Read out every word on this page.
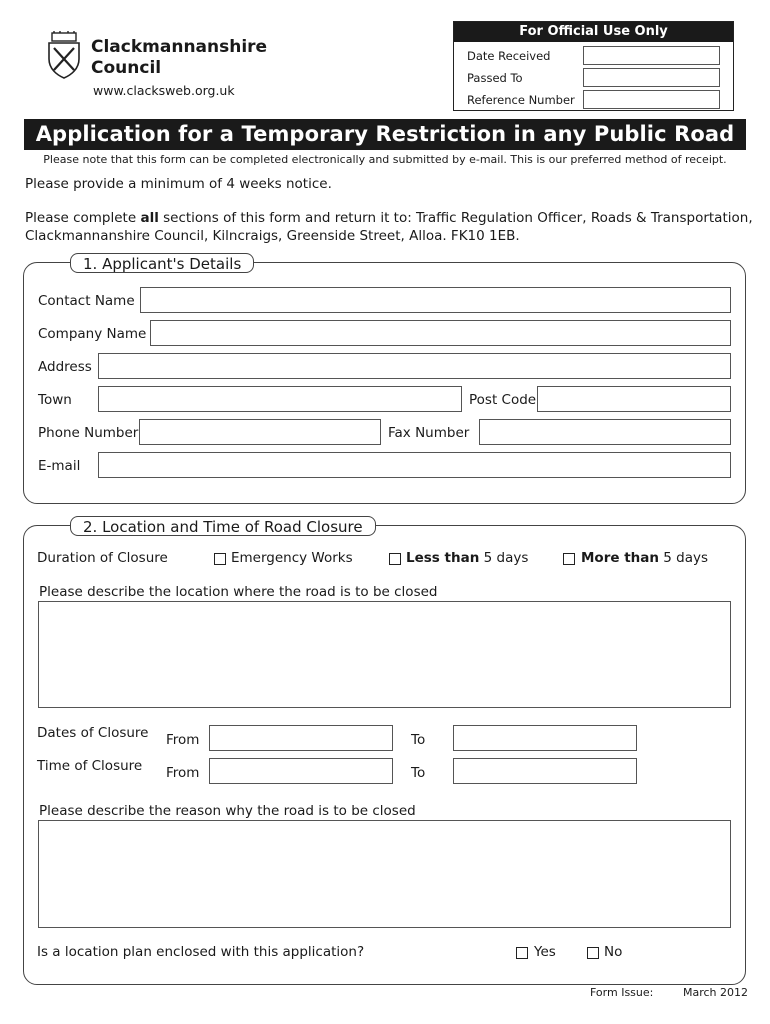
Clackmannanshire
Council
www.clacksweb.org.uk
For Official Use Only
Date Received
Passed To
Reference Number
Application for a Temporary Restriction in any Public Road
Please note that this form can be completed electronically and submitted by e-mail. This is our preferred method of receipt.
Please provide a minimum of 4 weeks notice.
Please complete all sections of this form and return it to: Traffic Regulation Officer, Roads & Transportation,
Clackmannanshire Council, Kilncraigs, Greenside Street, Alloa. FK10 1EB.
1. Applicant's Details
Contact Name
Company Name
Address
Town	Post Code
Phone Number	Fax Number
E-mail
2. Location and Time of Road Closure
Duration of Closure	Emergency Works	Less than 5 days	More than 5 days
Please describe the location where the road is to be closed
Dates of Closure From	To
Time of Closure From	To
Please describe the reason why the road is to be closed
Is a location plan enclosed with this application?	Yes	No
Form Issue:	March 2012
